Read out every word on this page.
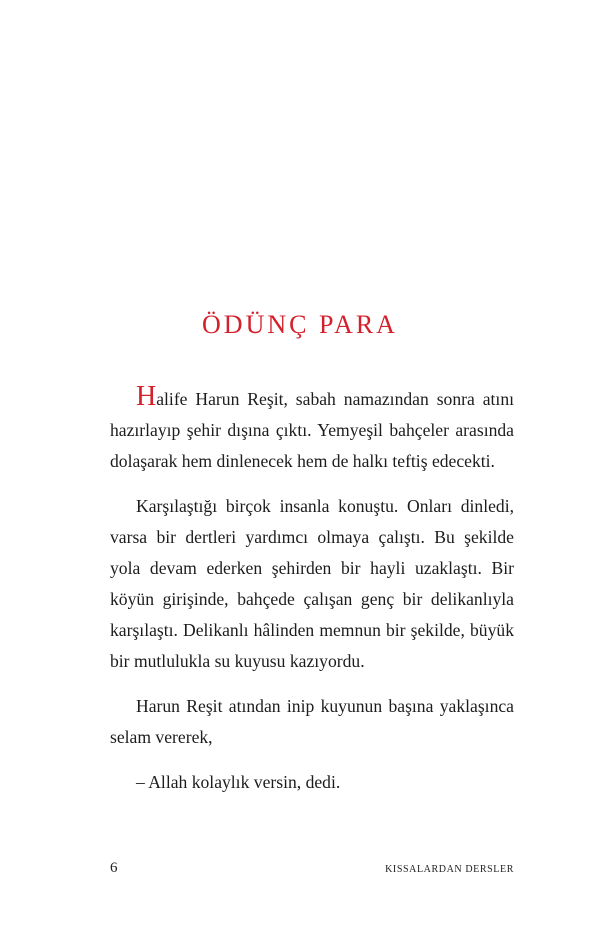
ÖDÜNÇ PARA

Halife Harun Reşit, sabah namazından sonra atını hazırlayıp şehir dışına çıktı. Yemyeşil bahçeler arasında dolaşarak hem dinlenecek hem de halkı teftiş edecekti.

Karşılaştığı birçok insanla konuştu. Onları dinledi, varsa bir dertleri yardımcı olmaya çalıştı. Bu şekilde yola devam ederken şehirden bir hayli uzaklaştı. Bir köyün girişinde, bahçede çalışan genç bir delikanlıyla karşılaştı. Delikanlı hâlinden memnun bir şekilde, büyük bir mutlulukla su kuyusu kazıyordu.

Harun Reşit atından inip kuyunun başına yaklaşınca selam vererek,

– Allah kolaylık versin, dedi.

6	KISSALARDAN DERSLER
